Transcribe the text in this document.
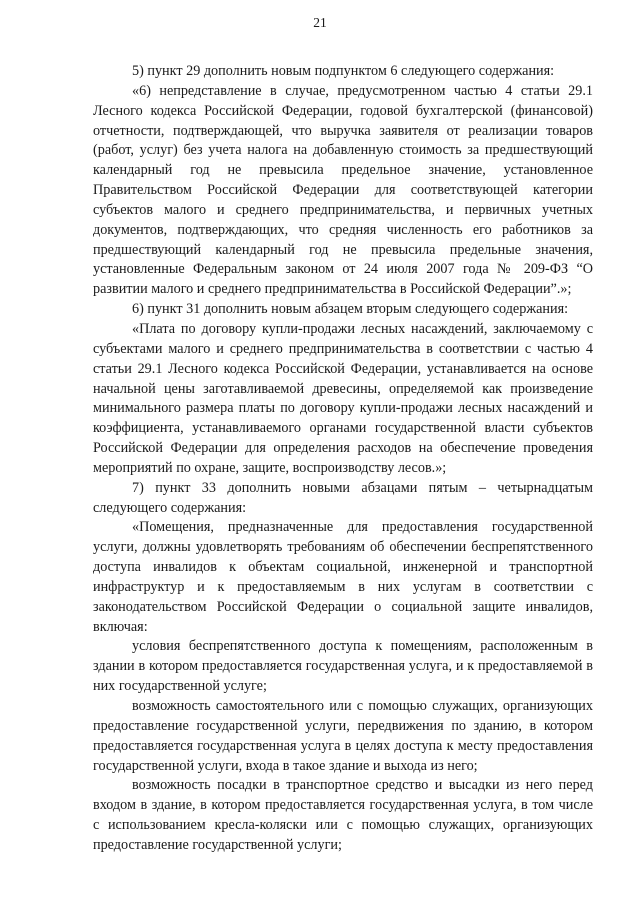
21

5) пункт 29 дополнить новым подпунктом 6 следующего содержания:

«6) непредставление в случае, предусмотренном частью 4 статьи 29.1 Лесного кодекса Российской Федерации, годовой бухгалтерской (финансовой) отчетности, подтверждающей, что выручка заявителя от реализации товаров (работ, услуг) без учета налога на добавленную стоимость за предшествующий календарный год не превысила предельное значение, установленное Правительством Российской Федерации для соответствующей категории субъектов малого и среднего предпринимательства, и первичных учетных документов, подтверждающих, что средняя численность его работников за предшествующий календарный год не превысила предельные значения, установленные Федеральным законом от 24 июля 2007 года № 209-ФЗ “О развитии малого и среднего предпринимательства в Российской Федерации”.»;

6) пункт 31 дополнить новым абзацем вторым следующего содержания:

«Плата по договору купли-продажи лесных насаждений, заключаемому с субъектами малого и среднего предпринимательства в соответствии с частью 4 статьи 29.1 Лесного кодекса Российской Федерации, устанавливается на основе начальной цены заготавливаемой древесины, определяемой как произведение минимального размера платы по договору купли-продажи лесных насаждений и коэффициента, устанавливаемого органами государственной власти субъектов Российской Федерации для определения расходов на обеспечение проведения мероприятий по охране, защите, воспроизводству лесов.»;

7) пункт 33 дополнить новыми абзацами пятым – четырнадцатым следующего содержания:

«Помещения, предназначенные для предоставления государственной услуги, должны удовлетворять требованиям об обеспечении беспрепятственного доступа инвалидов к объектам социальной, инженерной и транспортной инфраструктур и к предоставляемым в них услугам в соответствии с законодательством Российской Федерации о социальной защите инвалидов, включая:

условия беспрепятственного доступа к помещениям, расположенным в здании в котором предоставляется государственная услуга, и к предоставляемой в них государственной услуге;

возможность самостоятельного или с помощью служащих, организующих предоставление государственной услуги, передвижения по зданию, в котором предоставляется государственная услуга в целях доступа к месту предоставления государственной услуги, входа в такое здание и выхода из него;

возможность посадки в транспортное средство и высадки из него перед входом в здание, в котором предоставляется государственная услуга, в том числе с использованием кресла-коляски или с помощью служащих, организующих предоставление государственной услуги;
